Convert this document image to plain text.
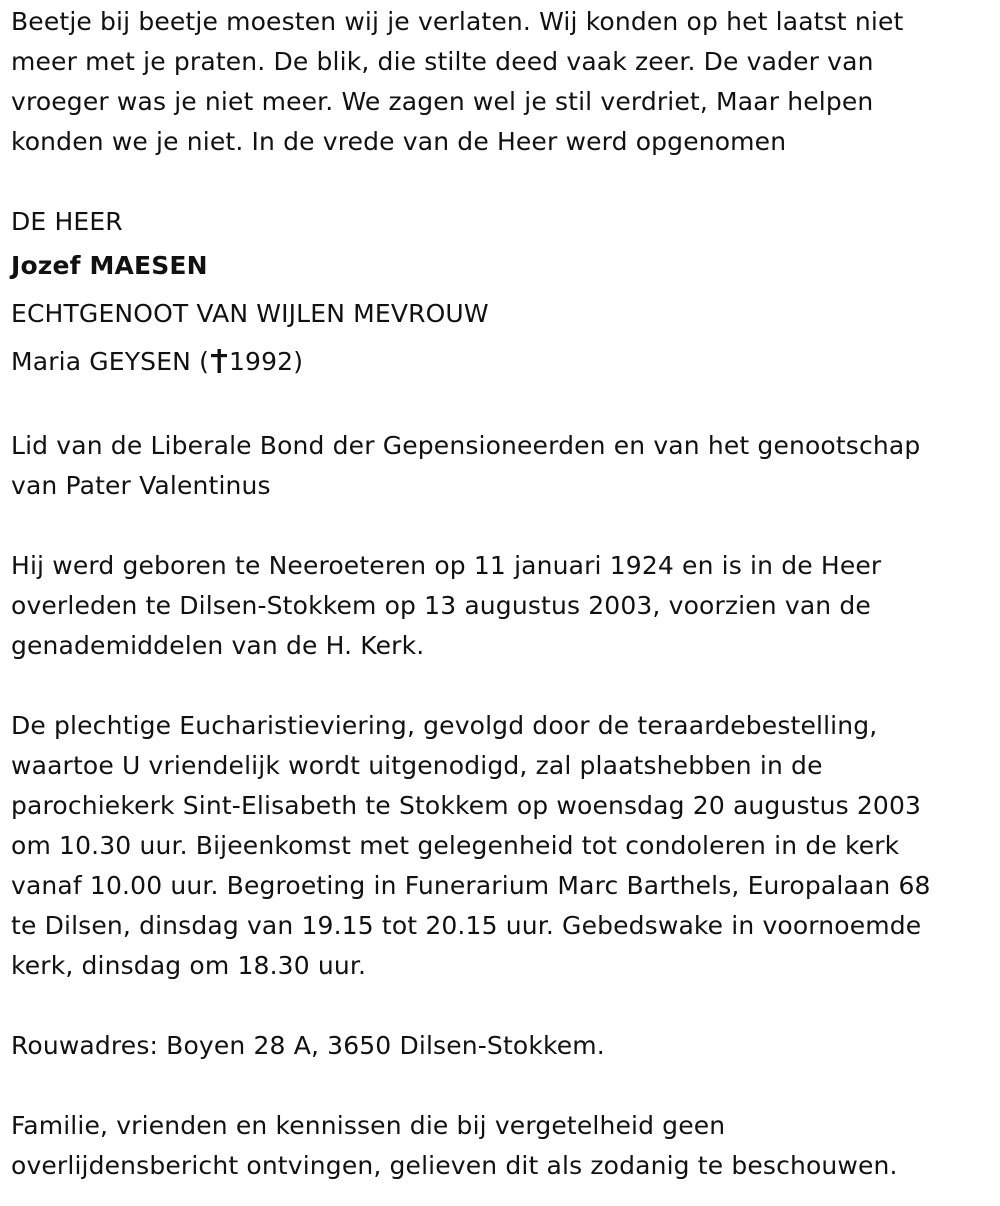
Beetje bij beetje moesten wij je verlaten. Wij konden op het laatst niet

meer met je praten. De blik, die stilte deed vaak zeer. De vader van

vroeger was je niet meer. We zagen wel je stil verdriet, Maar helpen

konden we je niet. In de vrede van de Heer werd opgenomen

DE HEER

Jozef MAESEN

ECHTGENOOT VAN WIJLEN MEVROUW

Maria GEYSEN ( 1992)

Lid van de Liberale Bond der Gepensioneerden en van het genootschap

van Pater Valentinus

Hij werd geboren te Neeroeteren op 11 januari 1924 en is in de Heer

overleden te Dilsen-Stokkem op 13 augustus 2003, voorzien van de

genademiddelen van de H. Kerk.

De plechtige Eucharistieviering, gevolgd door de teraardebestelling,

waartoe U vriendelijk wordt uitgenodigd, zal plaatshebben in de

parochiekerk Sint-Elisabeth te Stokkem op woensdag 20 augustus 2003

om 10.30 uur. Bijeenkomst met gelegenheid tot condoleren in de kerk

vanaf 10.00 uur. Begroeting in Funerarium Marc Barthels, Europalaan 68

te Dilsen, dinsdag van 19.15 tot 20.15 uur. Gebedswake in voornoemde

kerk, dinsdag om 18.30 uur.

Rouwadres: Boyen 28 A, 3650 Dilsen-Stokkem.

Familie, vrienden en kennissen die bij vergetelheid geen

overlijdensbericht ontvingen, gelieven dit als zodanig te beschouwen.
